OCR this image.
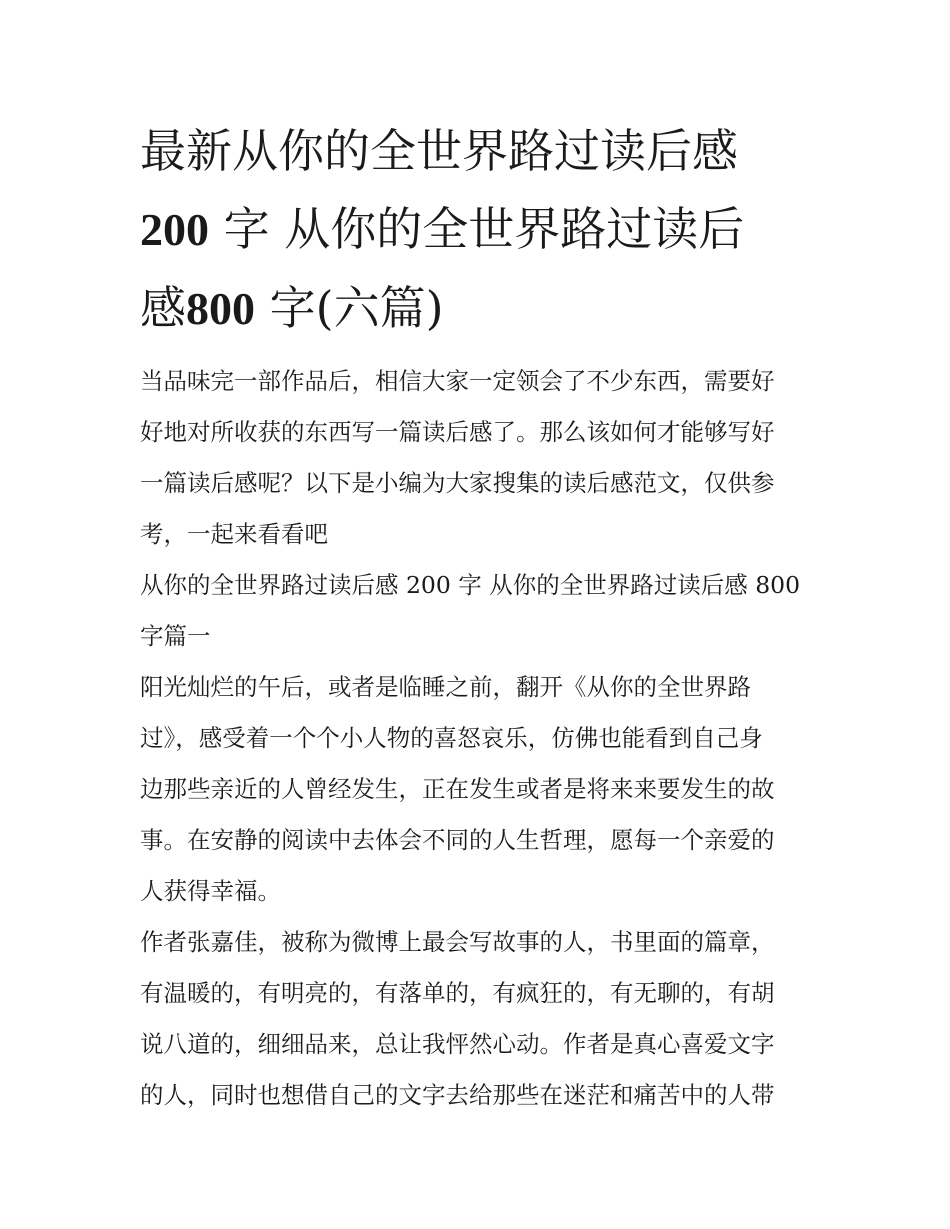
最新从你的全世界路过读后感
200 字 从你的全世界路过读后
感800 字(六篇)
当品味完一部作品后，相信大家一定领会了不少东西，需要好
好地对所收获的东西写一篇读后感了。那么该如何才能够写好
一篇读后感呢？以下是小编为大家搜集的读后感范文，仅供参
考，一起来看看吧
从你的全世界路过读后感 200 字 从你的全世界路过读后感 800
字篇一
阳光灿烂的午后，或者是临睡之前，翻开《从你的全世界路
过》，感受着一个个小人物的喜怒哀乐，仿佛也能看到自己身
边那些亲近的人曾经发生，正在发生或者是将来来要发生的故
事。在安静的阅读中去体会不同的人生哲理，愿每一个亲爱的
人获得幸福。
作者张嘉佳，被称为微博上最会写故事的人，书里面的篇章，
有温暖的，有明亮的，有落单的，有疯狂的，有无聊的，有胡
说八道的，细细品来，总让我怦然心动。作者是真心喜爱文字
的人，同时也想借自己的文字去给那些在迷茫和痛苦中的人带
